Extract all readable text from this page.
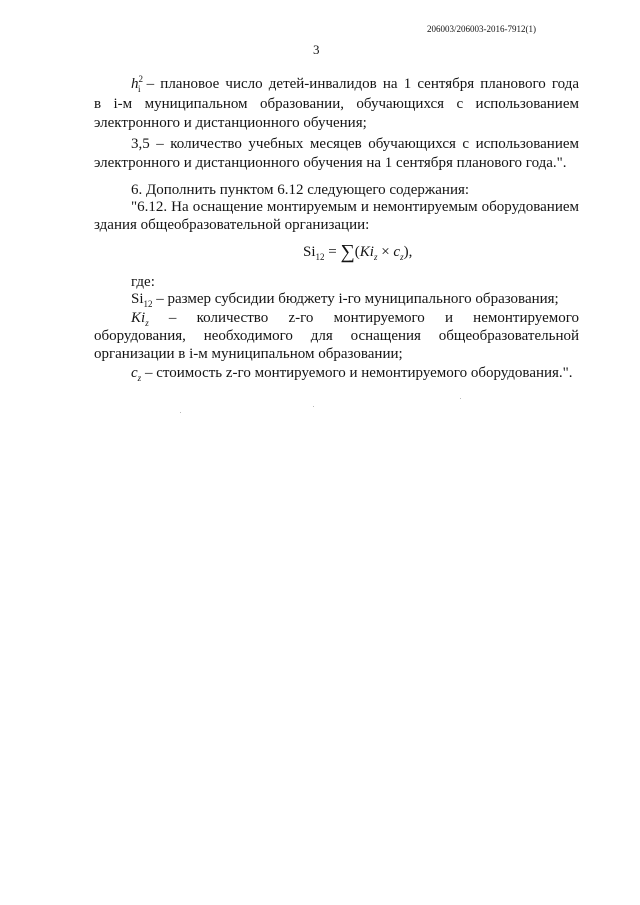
206003/206003-2016-7912(1)
3
$h^2_i$ – плановое число детей-инвалидов на 1 сентября планового года
в i-м муниципальном образовании, обучающихся с использованием
электронного и дистанционного обучения;
3,5 – количество учебных месяцев обучающихся с использованием
электронного и дистанционного обучения на 1 сентября планового года.".
6. Дополнить пунктом 6.12 следующего содержания:
"6.12. На оснащение монтируемым и немонтируемым оборудованием
здания общеобразовательной организации:
$Si_{12} = \sum(Ki_z \times c_z)$,
где:
$Si_{12}$ – размер субсидии бюджету i-го муниципального образования;
$Ki_z$ – количество z-го монтируемого и немонтируемого
оборудования, необходимого для оснащения общеобразовательной
организации в i-м муниципальном образовании;
$c_z$ – стоимость z-го монтируемого и немонтируемого оборудования.".
